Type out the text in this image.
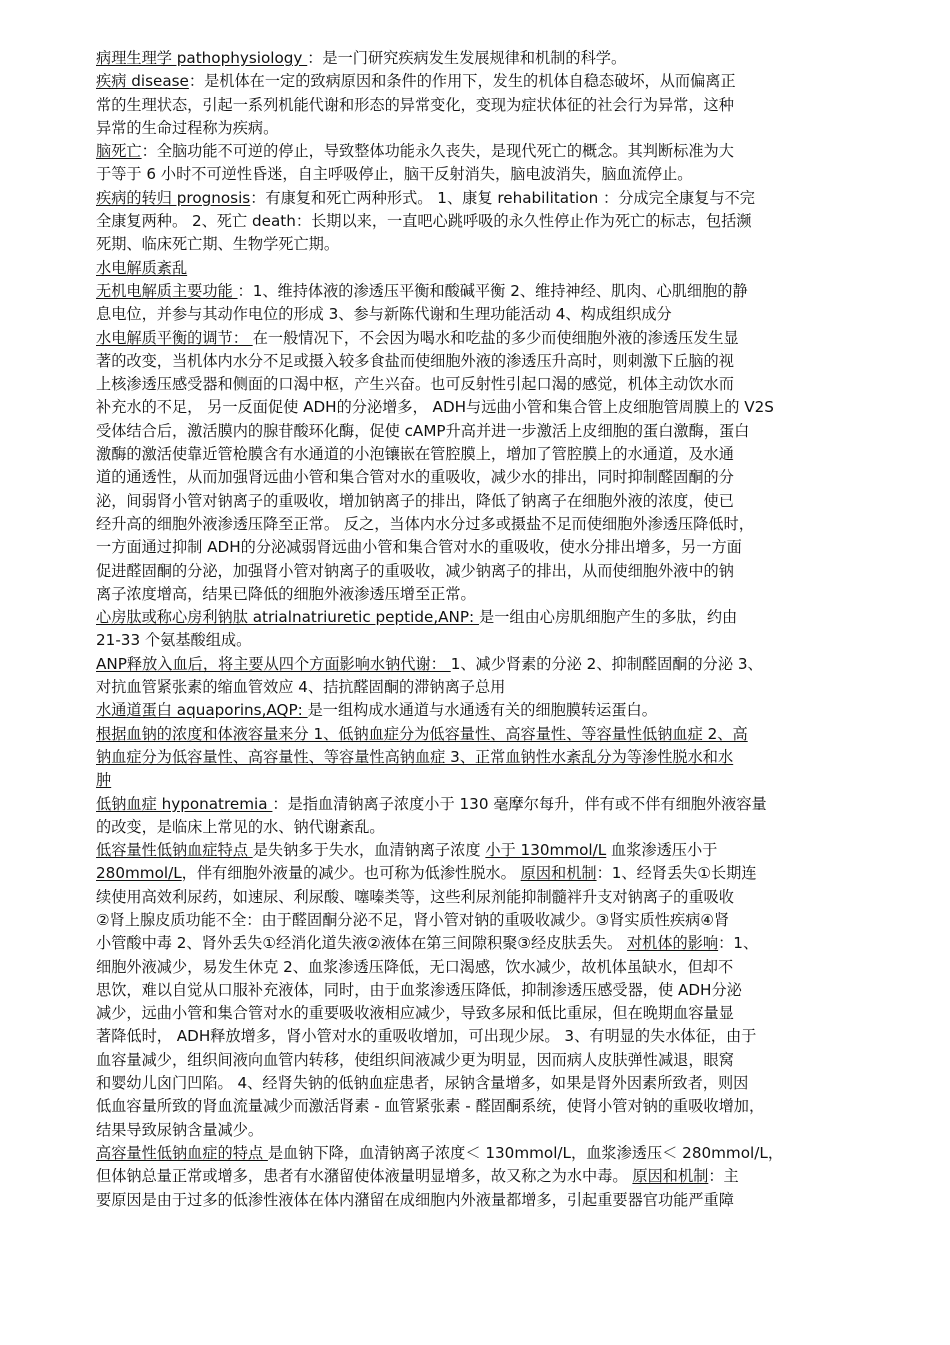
病理生理学 pathophysiology ：是一门研究疾病发生发展规律和机制的科学。
疾病 disease：是机体在一定的致病原因和条件的作用下，发生的机体自稳态破坏，从而偏离正
常的生理状态，引起一系列机能代谢和形态的异常变化，变现为症状体征的社会行为异常，这种
异常的生命过程称为疾病。
脑死亡：全脑功能不可逆的停止，导致整体功能永久丧失，是现代死亡的概念。其判断标准为大
于等于 6 小时不可逆性昏迷，自主呼吸停止，脑干反射消失，脑电波消失，脑血流停止。
疾病的转归 prognosis：有康复和死亡两种形式。 1、康复 rehabilitation ：分成完全康复与不完
全康复两种。 2、死亡 death：长期以来，一直吧心跳呼吸的永久性停止作为死亡的标志，包括濒
死期、临床死亡期、生物学死亡期。
水电解质紊乱
无机电解质主要功能 ：1、维持体液的渗透压平衡和酸碱平衡 2、维持神经、肌肉、心肌细胞的静
息电位，并参与其动作电位的形成 3、参与新陈代谢和生理功能活动 4、构成组织成分
水电解质平衡的调节： 在一般情况下，不会因为喝水和吃盐的多少而使细胞外液的渗透压发生显
著的改变，当机体内水分不足或摄入较多食盐而使细胞外液的渗透压升高时，则刺激下丘脑的视
上核渗透压感受器和侧面的口渴中枢，产生兴奋。也可反射性引起口渴的感觉，机体主动饮水而
补充水的不足， 另一反面促使 ADH的分泌增多， ADH与远曲小管和集合管上皮细胞管周膜上的 V2S
受体结合后，激活膜内的腺苷酸环化酶，促使 cAMP升高并进一步激活上皮细胞的蛋白激酶，蛋白
激酶的激活使靠近管枪膜含有水通道的小泡镶嵌在管腔膜上，增加了管腔膜上的水通道，及水通
道的通透性，从而加强肾远曲小管和集合管对水的重吸收，减少水的排出，同时抑制醛固酮的分
泌，间弱肾小管对钠离子的重吸收，增加钠离子的排出，降低了钠离子在细胞外液的浓度，使已
经升高的细胞外液渗透压降至正常。 反之，当体内水分过多或摄盐不足而使细胞外渗透压降低时，
一方面通过抑制 ADH的分泌减弱肾远曲小管和集合管对水的重吸收，使水分排出增多，另一方面
促进醛固酮的分泌，加强肾小管对钠离子的重吸收，减少钠离子的排出，从而使细胞外液中的钠
离子浓度增高，结果已降低的细胞外液渗透压增至正常。
心房肽或称心房利钠肽 atrialnatriuretic peptide,ANP: 是一组由心房肌细胞产生的多肽，约由
21-33 个氨基酸组成。
ANP释放入血后，将主要从四个方面影响水钠代谢： 1、减少肾素的分泌 2、抑制醛固酮的分泌 3、
对抗血管紧张素的缩血管效应 4、拮抗醛固酮的滞钠离子总用
水通道蛋白 aquaporins,AQP: 是一组构成水通道与水通透有关的细胞膜转运蛋白。
根据血钠的浓度和体液容量来分 1、低钠血症分为低容量性、高容量性、等容量性低钠血症 2、高
钠血症分为低容量性、高容量性、等容量性高钠血症 3、正常血钠性水紊乱分为等渗性脱水和水
肿
低钠血症 hyponatremia ：是指血清钠离子浓度小于 130 毫摩尔每升，伴有或不伴有细胞外液容量
的改变，是临床上常见的水、钠代谢紊乱。
低容量性低钠血症特点 是失钠多于失水，血清钠离子浓度 小于 130mmol/L 血浆渗透压小于
280mmol/L，伴有细胞外液量的减少。也可称为低渗性脱水。 原因和机制：1、经肾丢失①长期连
续使用高效利尿药，如速尿、利尿酸、噻嗪类等，这些利尿剂能抑制髓袢升支对钠离子的重吸收
②肾上腺皮质功能不全：由于醛固酮分泌不足，肾小管对钠的重吸收减少。③肾实质性疾病④肾
小管酸中毒 2、肾外丢失①经消化道失液②液体在第三间隙积聚③经皮肤丢失。 对机体的影响：1、
细胞外液减少，易发生休克 2、血浆渗透压降低，无口渴感，饮水减少，故机体虽缺水，但却不
思饮，难以自觉从口服补充液体，同时，由于血浆渗透压降低，抑制渗透压感受器，使 ADH分泌
减少，远曲小管和集合管对水的重要吸收液相应减少，导致多尿和低比重尿，但在晚期血容量显
著降低时， ADH释放增多，肾小管对水的重吸收增加，可出现少尿。 3、有明显的失水体征，由于
血容量减少，组织间液向血管内转移，使组织间液减少更为明显，因而病人皮肤弹性减退，眼窝
和婴幼儿囟门凹陷。 4、经肾失钠的低钠血症患者，尿钠含量增多，如果是肾外因素所致者，则因
低血容量所致的肾血流量减少而激活肾素 - 血管紧张素 - 醛固酮系统，使肾小管对钠的重吸收增加，
结果导致尿钠含量减少。
高容量性低钠血症的特点 是血钠下降，血清钠离子浓度＜ 130mmol/L，血浆渗透压＜ 280mmol/L，
但体钠总量正常或增多，患者有水潴留使体液量明显增多，故又称之为水中毒。 原因和机制：主
要原因是由于过多的低渗性液体在体内潴留在成细胞内外液量都增多，引起重要器官功能严重障
